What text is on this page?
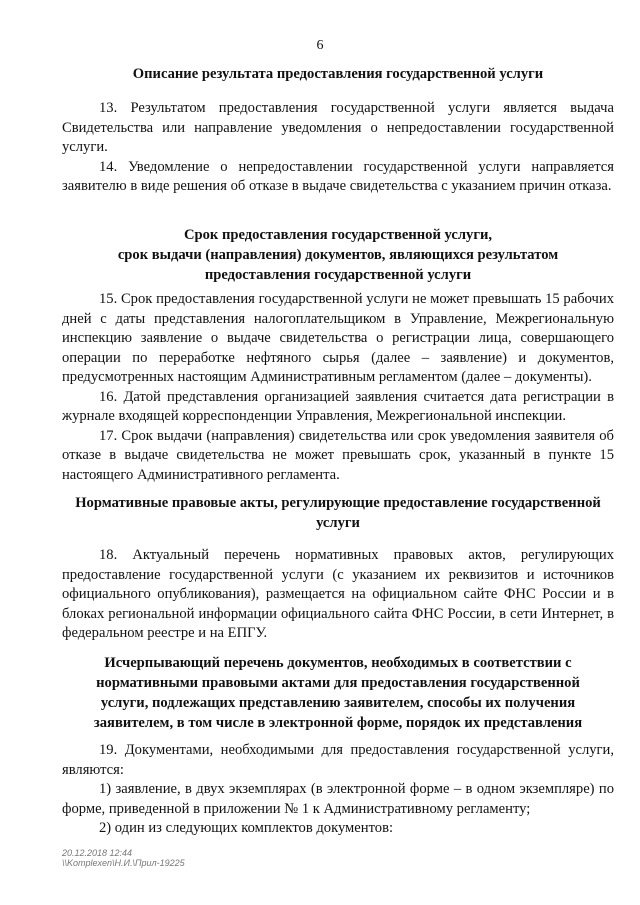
6
Описание результата предоставления государственной услуги

13. Результатом предоставления государственной услуги является выдача Свидетельства или направление уведомления о непредоставлении государственной услуги.

14. Уведомление о непредоставлении государственной услуги направляется заявителю в виде решения об отказе в выдаче свидетельства с указанием причин отказа.

Срок предоставления государственной услуги,
срок выдачи (направления) документов, являющихся результатом
предоставления государственной услуги

15. Срок предоставления государственной услуги не может превышать 15 рабочих дней с даты представления налогоплательщиком в Управление, Межрегиональную инспекцию заявление о выдаче свидетельства о регистрации лица, совершающего операции по переработке нефтяного сырья (далее – заявление) и документов, предусмотренных настоящим Административным регламентом (далее – документы).

16. Датой представления организацией заявления считается дата регистрации в журнале входящей корреспонденции Управления, Межрегиональной инспекции.

17. Срок выдачи (направления) свидетельства или срок уведомления заявителя об отказе в выдаче свидетельства не может превышать срок, указанный в пункте 15 настоящего Административного регламента.

Нормативные правовые акты, регулирующие предоставление государственной
услуги

18. Актуальный перечень нормативных правовых актов, регулирующих предоставление государственной услуги (с указанием их реквизитов и источников официального опубликования), размещается на официальном сайте ФНС России и в блоках региональной информации официального сайта ФНС России, в сети Интернет, в федеральном реестре и на ЕПГУ.

Исчерпывающий перечень документов, необходимых в соответствии с
нормативными правовыми актами для предоставления государственной
услуги, подлежащих представлению заявителем, способы их получения
заявителем, в том числе в электронной форме, порядок их представления

19. Документами, необходимыми для предоставления государственной услуги, являются:

1) заявление, в двух экземплярах (в электронной форме – в одном экземпляре) по форме, приведенной в приложении № 1 к Административному регламенту;

2) один из следующих комплектов документов:

20.12.2018 12:44
\\Komplexen\Н.И.\Прил-19225
